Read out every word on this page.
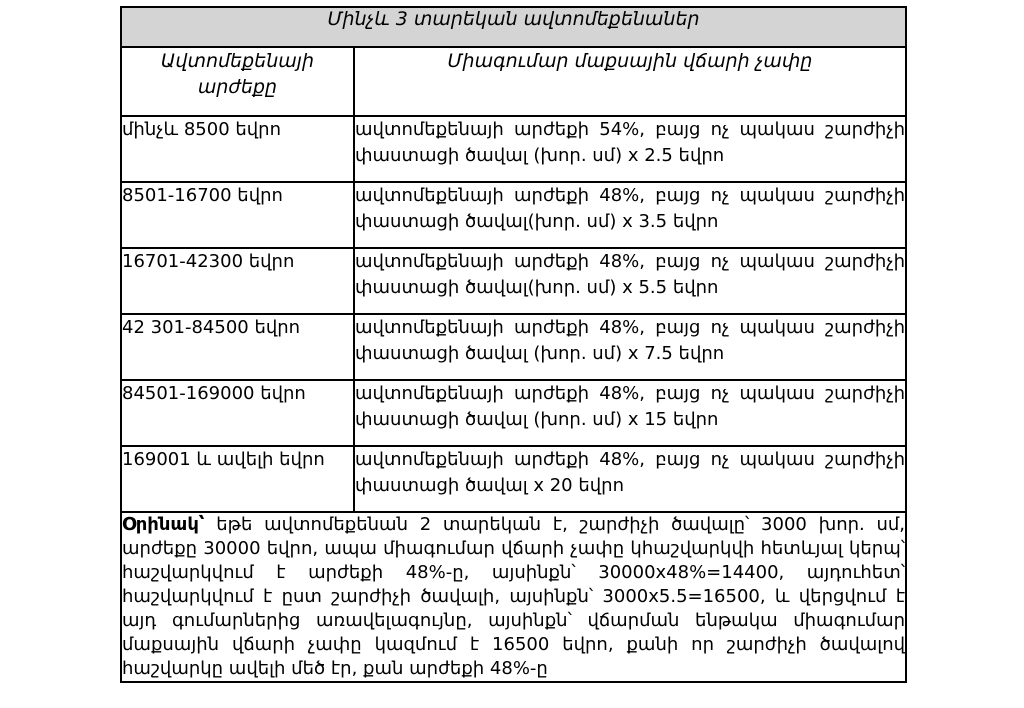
Մինչև 3 տարեկան ավտոմեքենաներ	
Ավտոմեքենայի արժեքը	Միագումար մաքսային վճարի չափը
մինչև 8500 եվրո	ավտոմեքենայի արժեքի 54%, բայց ոչ պակաս շարժիչի փաստացի ծավալ (խոր. սմ) x 2.5 եվրո
8501-16700 եվրո	ավտոմեքենայի արժեքի 48%, բայց ոչ պակաս շարժիչի փաստացի ծավալ(խոր. սմ) x 3.5 եվրո
16701-42300 եվրո	ավտոմեքենայի արժեքի 48%, բայց ոչ պակաս շարժիչի փաստացի ծավալ(խոր. սմ) x 5.5 եվրո
42 301-84500 եվրո	ավտոմեքենայի արժեքի 48%, բայց ոչ պակաս շարժիչի փաստացի ծավալ (խոր. սմ) x 7.5 եվրո
84501-169000 եվրո	ավտոմեքենայի արժեքի 48%, բայց ոչ պակաս շարժիչի փաստացի ծավալ (խոր. սմ) x 15 եվրո
169001 և ավելի եվրո	ավտոմեքենայի արժեքի 48%, բայց ոչ պակաս շարժիչի փաստացի ծավալ x 20 եվրո
Օրինակ՝ եթե ավտոմեքենան 2 տարեկան է, շարժիչի ծավալը՝ 3000 խոր. սմ, արժեքը 30000 եվրո, ապա միագումար վճարի չափը կհաշվարկվի հետևյալ կերպ՝ հաշվարկվում է արժեքի 48%-ը, այսինքն՝ 30000x48%=14400, այդուհետ՝ հաշվարկվում է ըստ շարժիչի ծավալի, այսինքն՝ 3000x5.5=16500, և վերցվում է այդ գումարներից առավելագույնը, այսինքն՝ վճարման ենթակա միագումար մաքսային վճարի չափը կազմում է 16500 եվրո, քանի որ շարժիչի ծավալով հաշվարկը ավելի մեծ էր, քան արժեքի 48%-ը	
